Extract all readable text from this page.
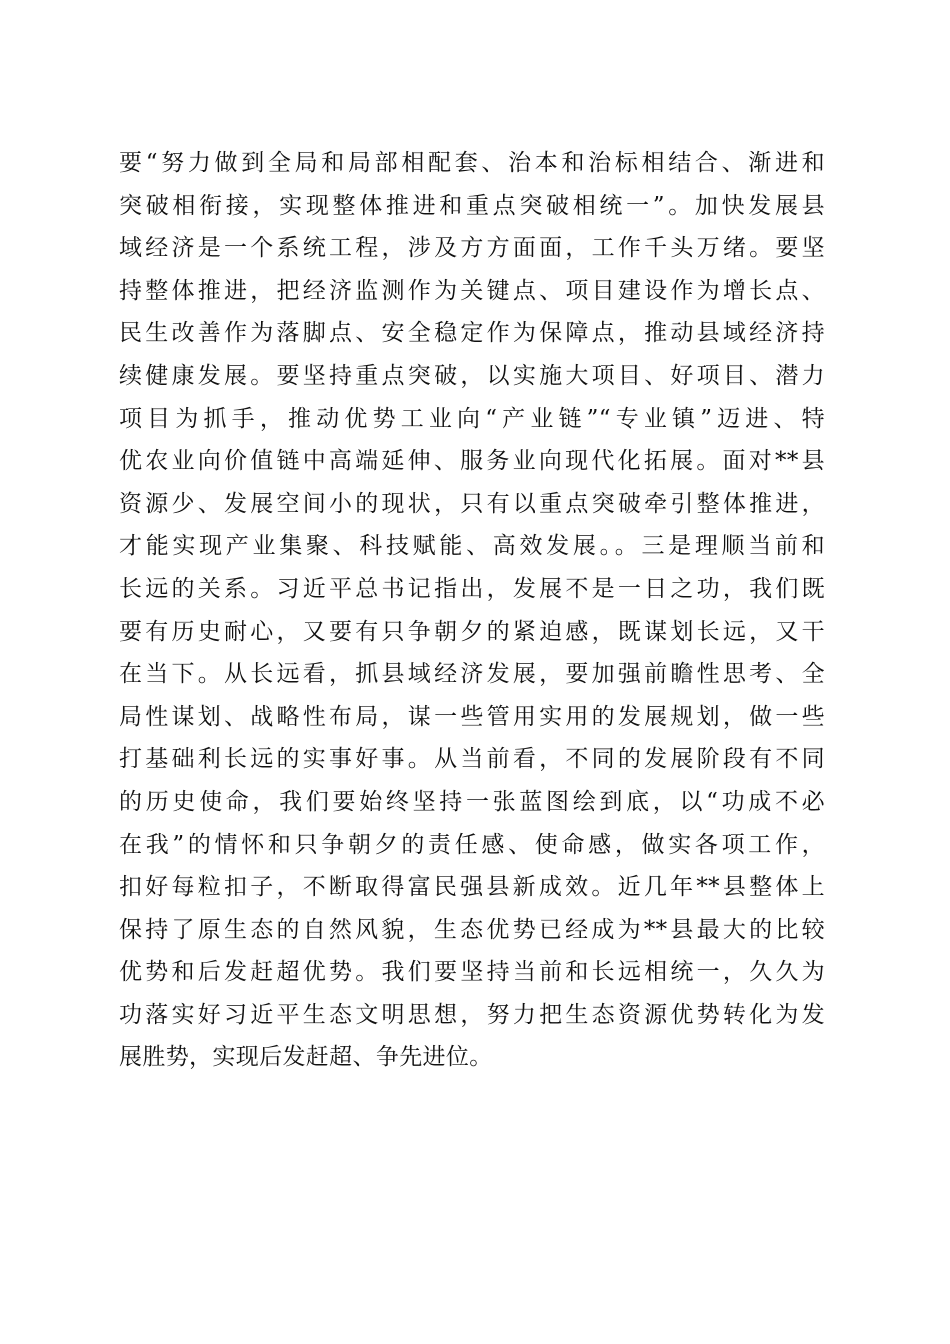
要“努力做到全局和局部相配套、治本和治标相结合、渐进和
突破相衔接，实现整体推进和重点突破相统一”。加快发展县
域经济是一个系统工程，涉及方方面面，工作千头万绪。要坚
持整体推进，把经济监测作为关键点、项目建设作为增长点、
民生改善作为落脚点、安全稳定作为保障点，推动县域经济持
续健康发展。要坚持重点突破，以实施大项目、好项目、潜力
项目为抓手，推动优势工业向“产业链”“专业镇”迈进、特
优农业向价值链中高端延伸、服务业向现代化拓展。面对**县
资源少、发展空间小的现状，只有以重点突破牵引整体推进，
才能实现产业集聚、科技赋能、高效发展。。三是理顺当前和
长远的关系。习近平总书记指出，发展不是一日之功，我们既
要有历史耐心，又要有只争朝夕的紧迫感，既谋划长远，又干
在当下。从长远看，抓县域经济发展，要加强前瞻性思考、全
局性谋划、战略性布局，谋一些管用实用的发展规划，做一些
打基础利长远的实事好事。从当前看，不同的发展阶段有不同
的历史使命，我们要始终坚持一张蓝图绘到底，以“功成不必
在我”的情怀和只争朝夕的责任感、使命感，做实各项工作，
扣好每粒扣子，不断取得富民强县新成效。近几年**县整体上
保持了原生态的自然风貌，生态优势已经成为**县最大的比较
优势和后发赶超优势。我们要坚持当前和长远相统一，久久为
功落实好习近平生态文明思想，努力把生态资源优势转化为发
展胜势，实现后发赶超、争先进位。
